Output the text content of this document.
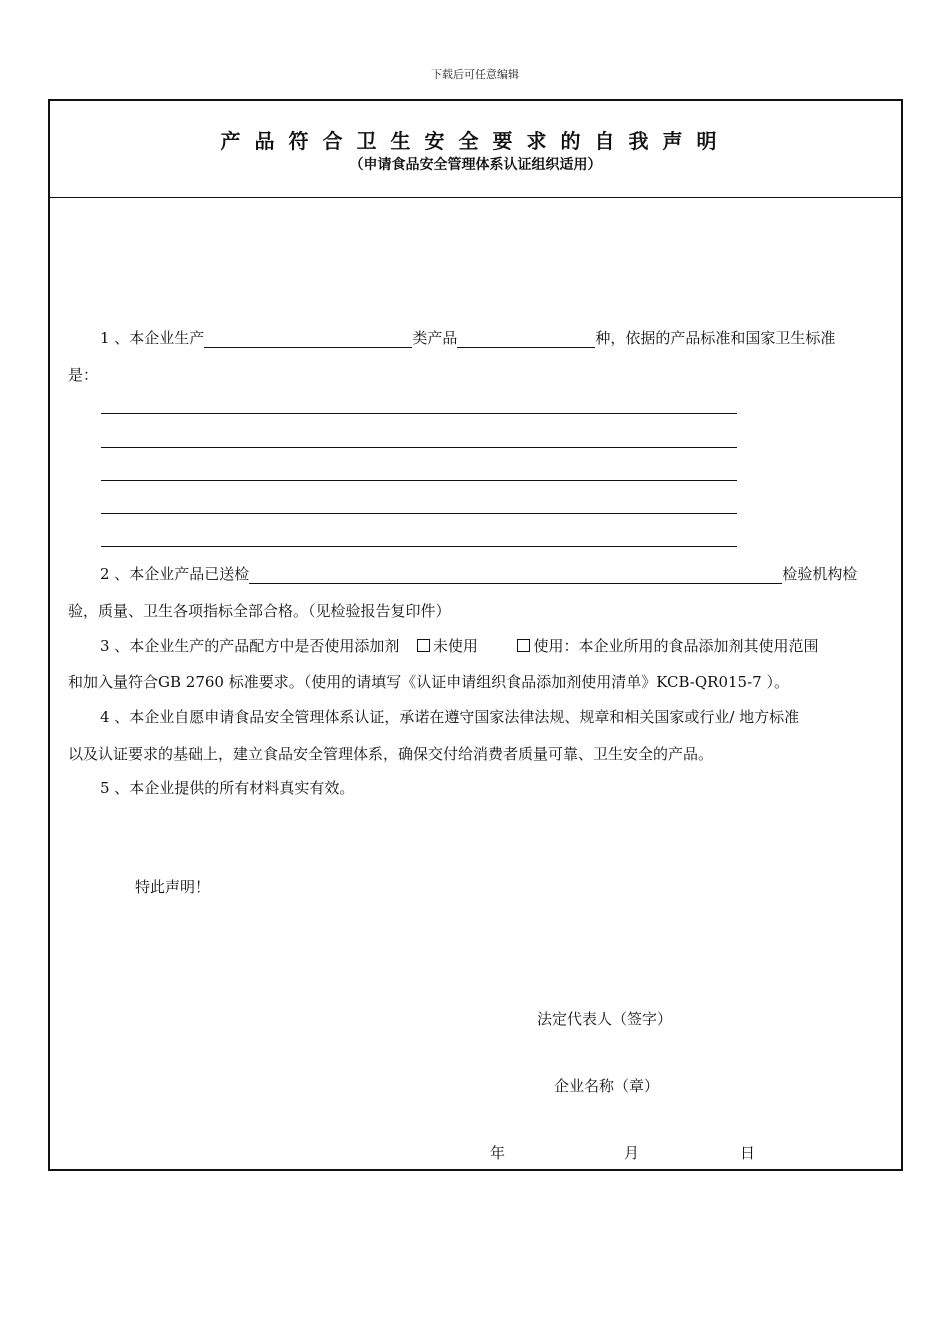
下载后可任意编辑
产品符合卫生安全要求的自我声明
（申请食品安全管理体系认证组织适用）
1 、本企业生产	类产品	种，依据的产品标准和国家卫生标准
是：
2 、本企业产品已送检	检验机构检
验，质量、卫生各项指标全部合格。（见检验报告复印件）
3 、本企业生产的产品配方中是否使用添加剂 未使用	使用：本企业所用的食品添加剂其使用范围
和加入量符合GB 2760 标准要求。（使用的请填写《认证申请组织食品添加剂使用清单》KCB-QR015-7 ）。
4 、本企业自愿申请食品安全管理体系认证，承诺在遵守国家法律法规、规章和相关国家或行业/ 地方标准
以及认证要求的基础上，建立食品安全管理体系，确保交付给消费者质量可靠、卫生安全的产品。
5 、本企业提供的所有材料真实有效。
特此声明！
法定代表人（签字）
企业名称（章）
年	月	日
